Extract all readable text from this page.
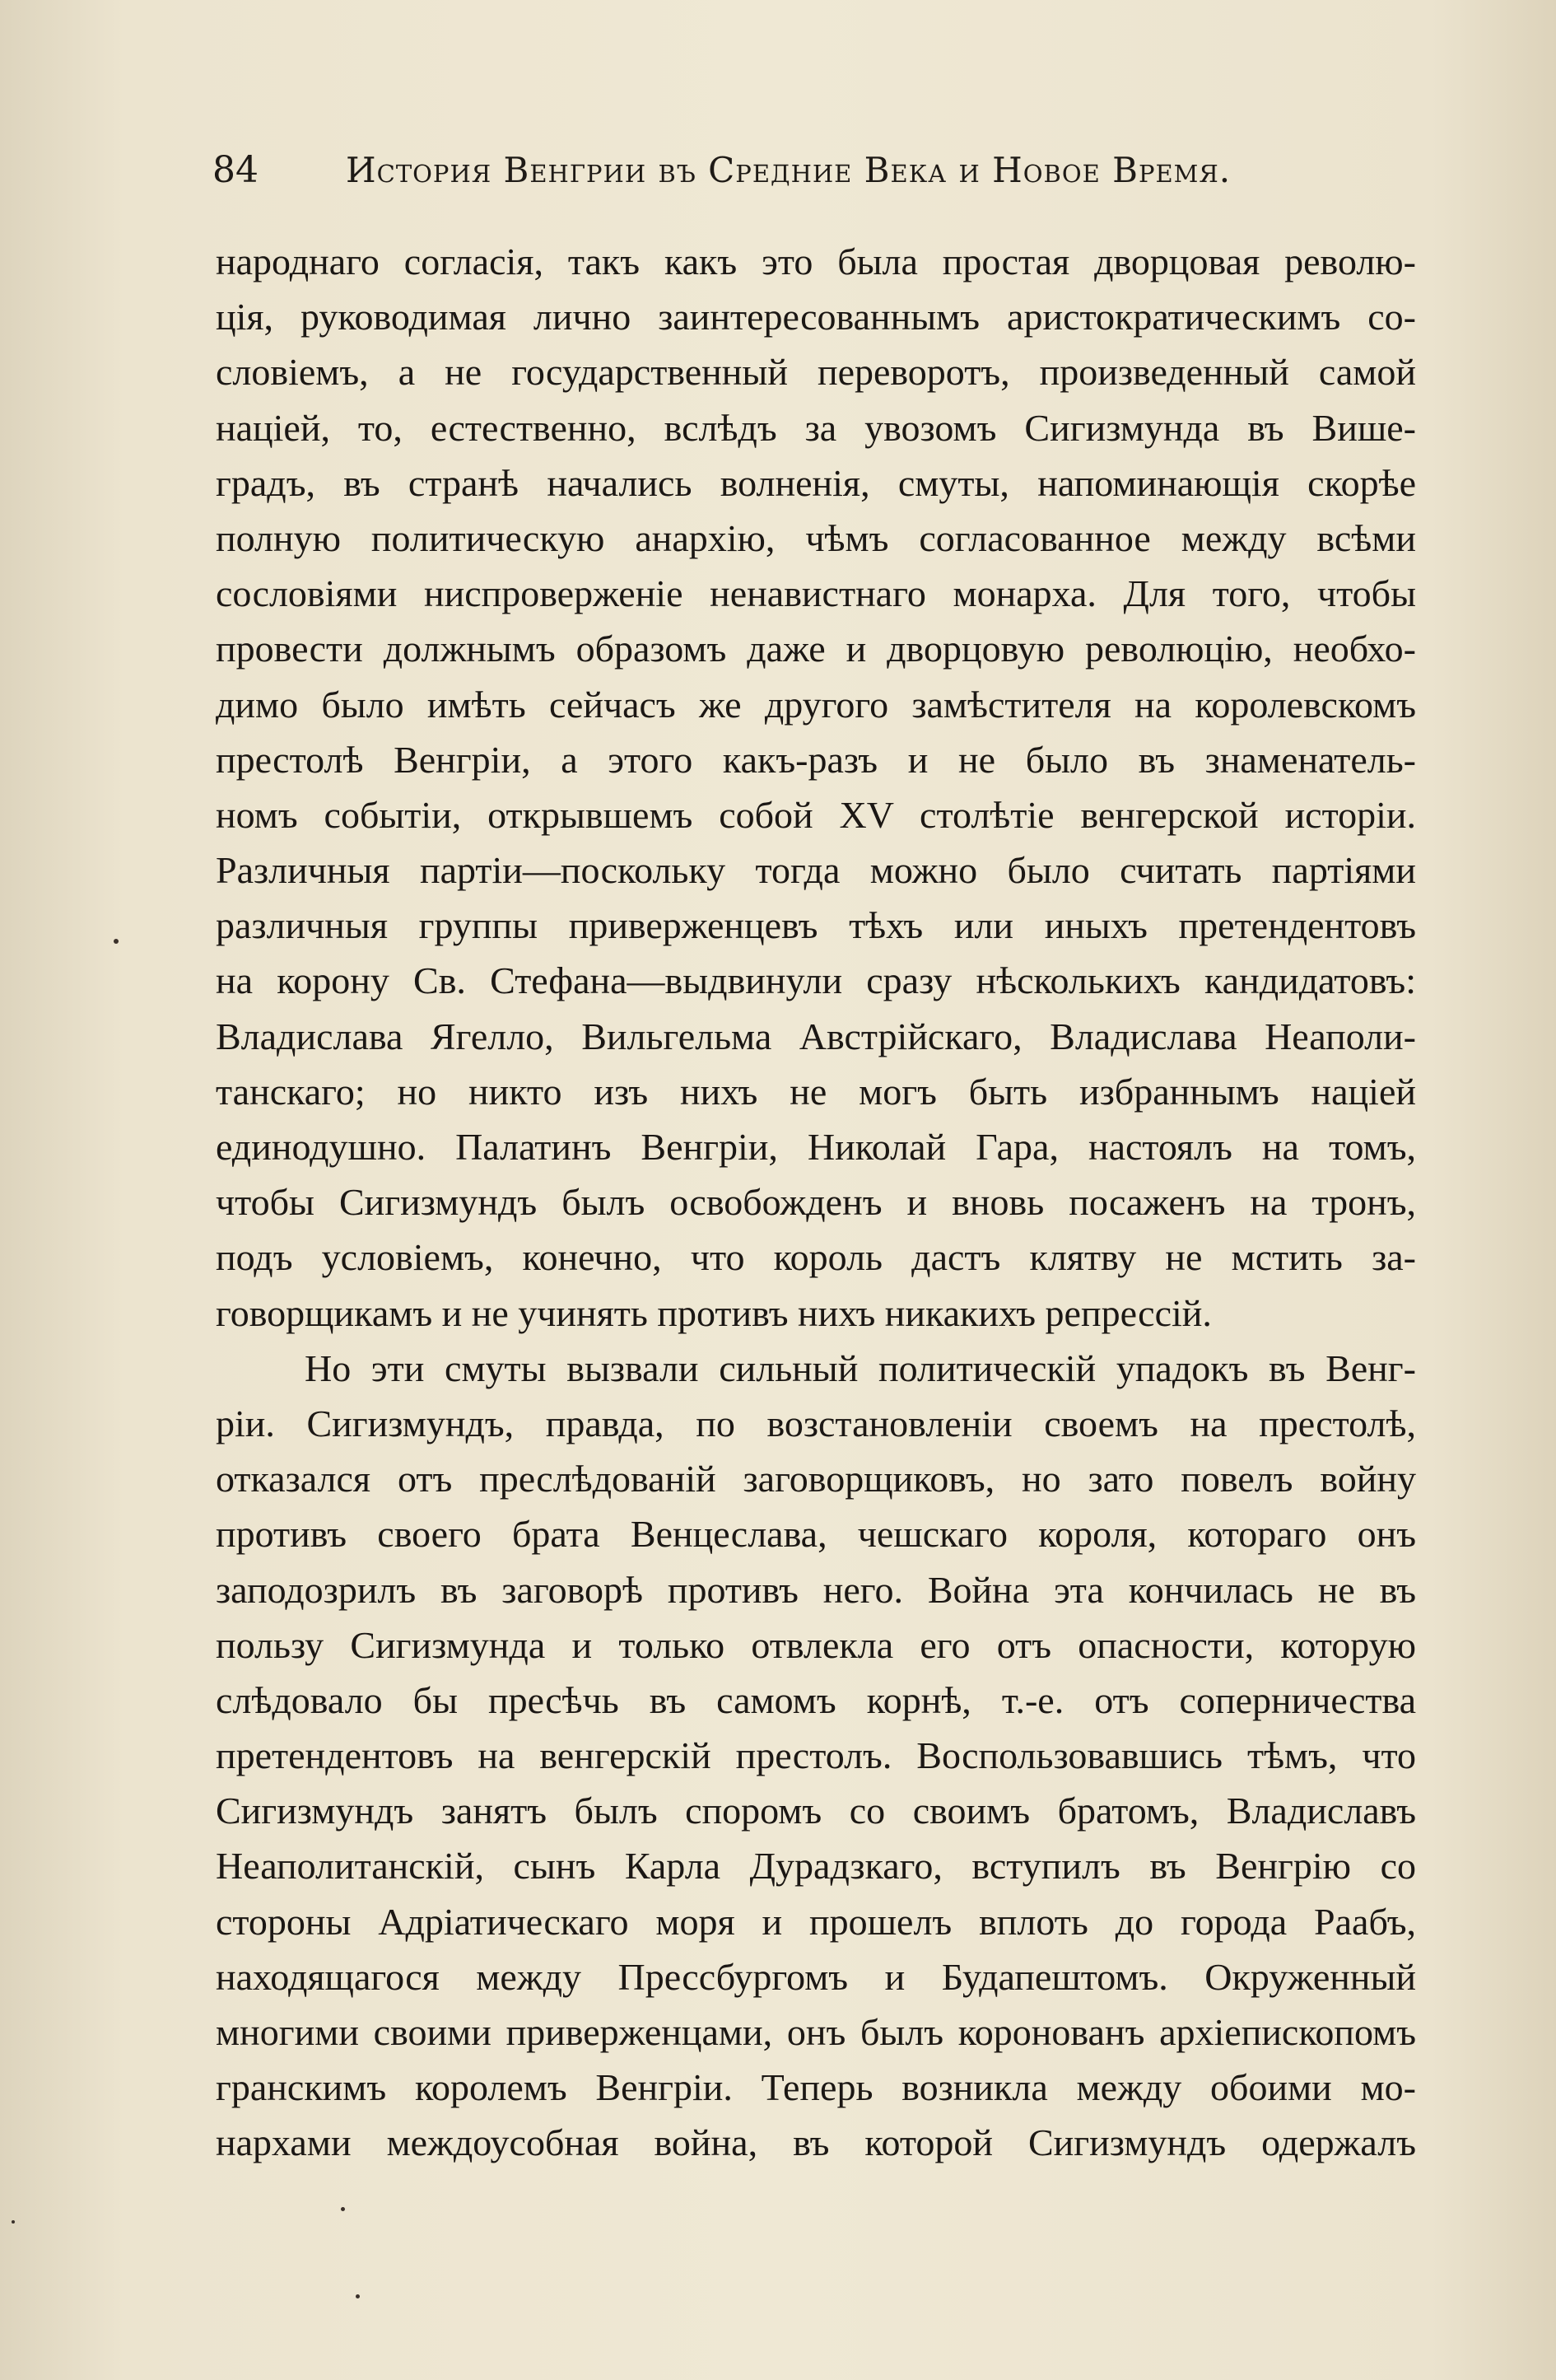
84	История Венгрии въ Средние Века и Новое Время.
народнаго согласія, такъ какъ это была простая дворцовая револю-
ція, руководимая лично заинтересованнымъ аристократическимъ со-
словіемъ, а не государственный переворотъ, произведенный самой
націей, то, естественно, вслѣдъ за увозомъ Сигизмунда въ Више-
градъ, въ странѣ начались волненія, смуты, напоминающія скорѣе
полную политическую анархію, чѣмъ согласованное между всѣми
сословіями ниспроверженіе ненавистнаго монарха. Для того, чтобы
провести должнымъ образомъ даже и дворцовую революцію, необхо-
димо было имѣть сейчасъ же другого замѣстителя на королевскомъ
престолѣ Венгріи, а этого какъ-разъ и не было въ знаменатель-
номъ событіи, открывшемъ собой XV столѣтіе венгерской исторіи.
Различныя партіи—поскольку тогда можно было считать партіями
различныя группы приверженцевъ тѣхъ или иныхъ претендентовъ
на корону Св. Стефана—выдвинули сразу нѣсколькихъ кандидатовъ:
Владислава Ягелло, Вильгельма Австрійскаго, Владислава Неаполи-
танскаго; но никто изъ нихъ не могъ быть избраннымъ націей
единодушно. Палатинъ Венгріи, Николай Гара, настоялъ на томъ,
чтобы Сигизмундъ былъ освобожденъ и вновь посаженъ на тронъ,
подъ условіемъ, конечно, что король дастъ клятву не мстить за-
говорщикамъ и не учинять противъ нихъ никакихъ репрессій.
Но эти смуты вызвали сильный политическій упадокъ въ Венг-
ріи. Сигизмундъ, правда, по возстановленіи своемъ на престолѣ,
отказался отъ преслѣдованій заговорщиковъ, но зато повелъ войну
противъ своего брата Венцеслава, чешскаго короля, котораго онъ
заподозрилъ въ заговорѣ противъ него. Война эта кончилась не въ
пользу Сигизмунда и только отвлекла его отъ опасности, которую
слѣдовало бы пресѣчь въ самомъ корнѣ, т.-е. отъ соперничества
претендентовъ на венгерскій престолъ. Воспользовавшись тѣмъ, что
Сигизмундъ занятъ былъ споромъ со своимъ братомъ, Владиславъ
Неаполитанскій, сынъ Карла Дурадзкаго, вступилъ въ Венгрію со
стороны Адріатическаго моря и прошелъ вплоть до города Раабъ,
находящагося между Прессбургомъ и Будапештомъ. Окруженный
многими своими приверженцами, онъ былъ коронованъ архіепископомъ
гранскимъ королемъ Венгріи. Теперь возникла между обоими мо-
нархами междоусобная война, въ которой Сигизмундъ одержалъ
